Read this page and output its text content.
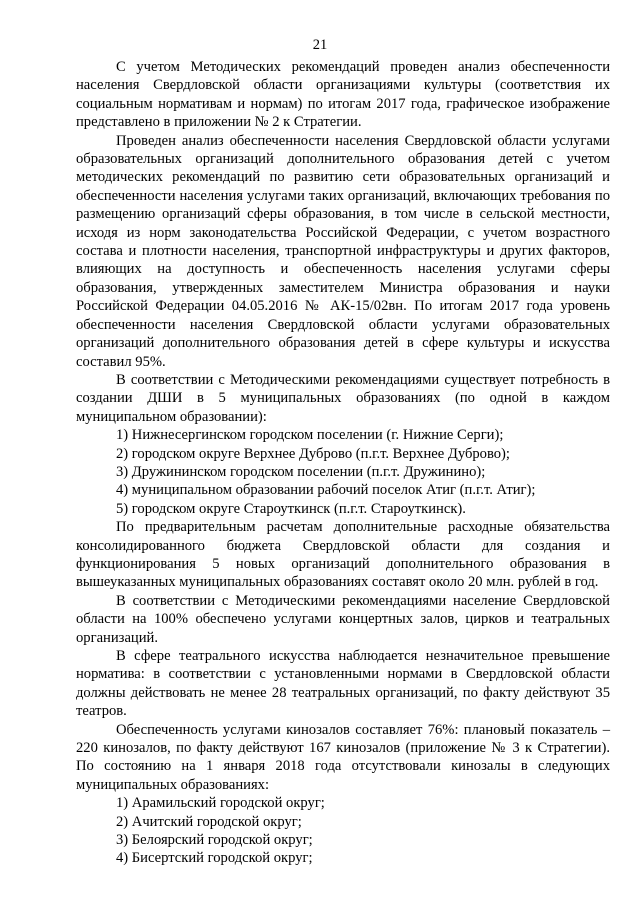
21

С учетом Методических рекомендаций проведен анализ обеспеченности населения Свердловской области организациями культуры (соответствия их социальным нормативам и нормам) по итогам 2017 года, графическое изображение представлено в приложении № 2 к Стратегии.

Проведен анализ обеспеченности населения Свердловской области услугами образовательных организаций дополнительного образования детей с учетом методических рекомендаций по развитию сети образовательных организаций и обеспеченности населения услугами таких организаций, включающих требования по размещению организаций сферы образования, в том числе в сельской местности, исходя из норм законодательства Российской Федерации, с учетом возрастного состава и плотности населения, транспортной инфраструктуры и других факторов, влияющих на доступность и обеспеченность населения услугами сферы образования, утвержденных заместителем Министра образования и науки Российской Федерации 04.05.2016 № АК-15/02вн. По итогам 2017 года уровень обеспеченности населения Свердловской области услугами образовательных организаций дополнительного образования детей в сфере культуры и искусства составил 95%.

В соответствии с Методическими рекомендациями существует потребность в создании ДШИ в 5 муниципальных образованиях (по одной в каждом муниципальном образовании):

1) Нижнесергинском городском поселении (г. Нижние Серги);

2) городском округе Верхнее Дуброво (п.г.т. Верхнее Дуброво);

3) Дружининском городском поселении (п.г.т. Дружинино);

4) муниципальном образовании рабочий поселок Атиг (п.г.т. Атиг);

5) городском округе Староуткинск (п.г.т. Староуткинск).

По предварительным расчетам дополнительные расходные обязательства консолидированного бюджета Свердловской области для создания и функционирования 5 новых организаций дополнительного образования в вышеуказанных муниципальных образованиях составят около 20 млн. рублей в год.

В соответствии с Методическими рекомендациями население Свердловской области на 100% обеспечено услугами концертных залов, цирков и театральных организаций.

В сфере театрального искусства наблюдается незначительное превышение норматива: в соответствии с установленными нормами в Свердловской области должны действовать не менее 28 театральных организаций, по факту действуют 35 театров.

Обеспеченность услугами кинозалов составляет 76%: плановый показатель – 220 кинозалов, по факту действуют 167 кинозалов (приложение № 3 к Стратегии). По состоянию на 1 января 2018 года отсутствовали кинозалы в следующих муниципальных образованиях:

1) Арамильский городской округ;

2) Ачитский городской округ;

3) Белоярский городской округ;

4) Бисертский городской округ;
